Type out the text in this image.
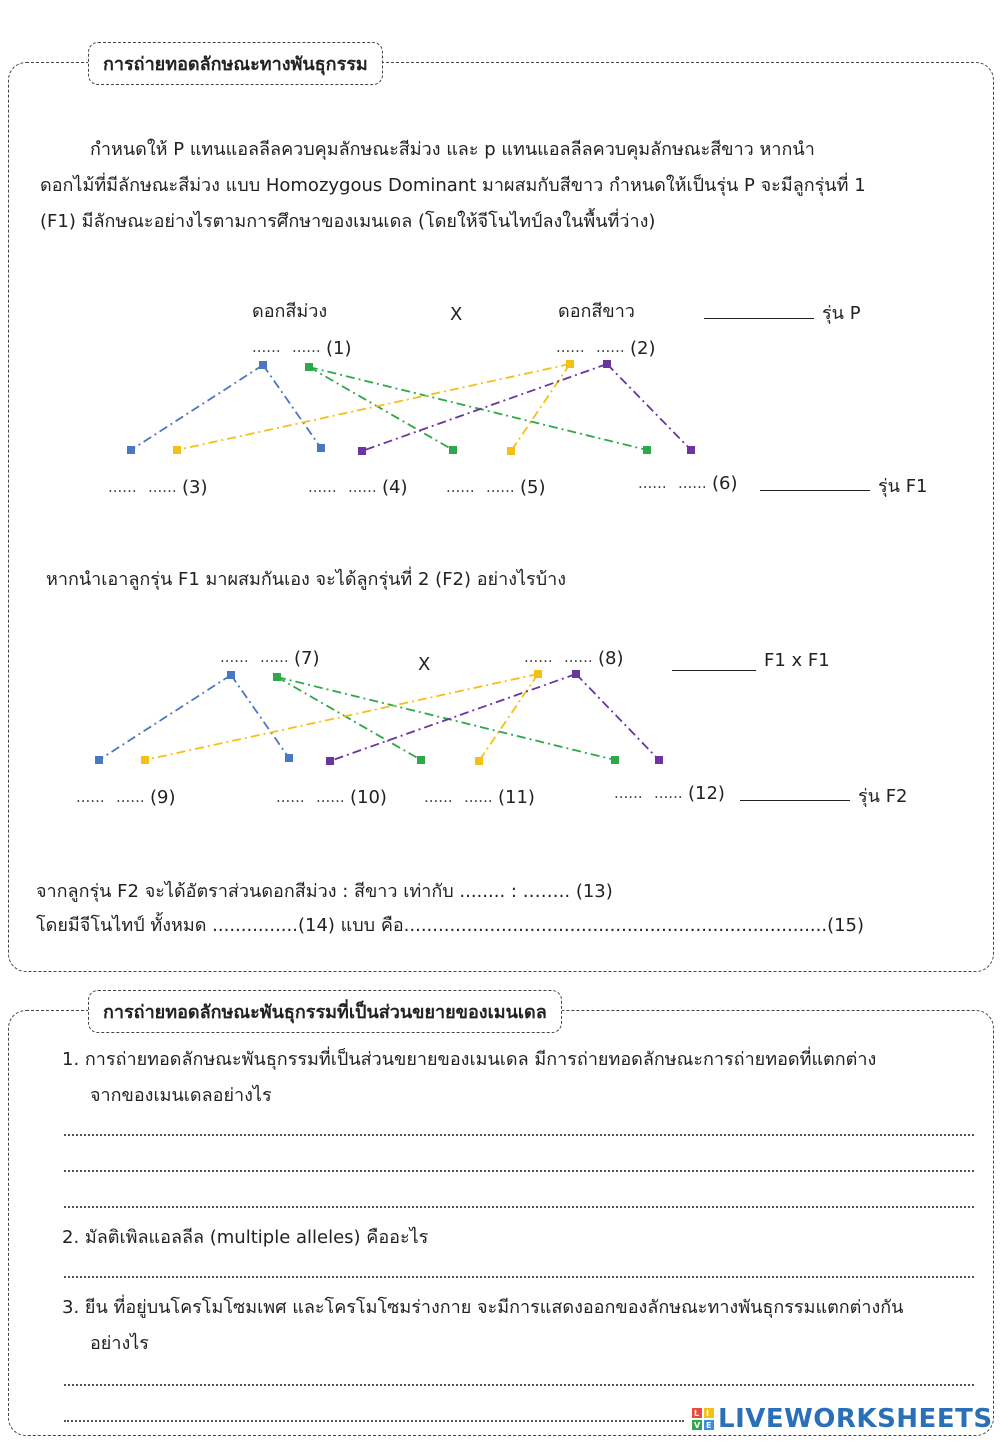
การถ่ายทอดลักษณะทางพันธุกรรม
กำหนดให้ P แทนแอลลีลควบคุมลักษณะสีม่วง และ p แทนแอลลีลควบคุมลักษณะสีขาว หากนำ
ดอกไม้ที่มีลักษณะสีม่วง แบบ Homozygous Dominant มาผสมกับสีขาว กำหนดให้เป็นรุ่น P จะมีลูกรุ่นที่ 1
(F1) มีลักษณะอย่างไรตามการศึกษาของเมนเดล (โดยให้จีโนไทป์ลงในพื้นที่ว่าง)
ดอกสีม่วง	X	ดอกสีขาว	รุ่น P
...... ...... (1)	...... ...... (2)
...... ...... (3)	...... ...... (4)	...... ...... (5)	...... ...... (6)	รุ่น F1
หากนำเอาลูกรุ่น F1 มาผสมกันเอง จะได้ลูกรุ่นที่ 2 (F2) อย่างไรบ้าง
...... ...... (7)	X	...... ...... (8)	F1 x F1
...... ...... (9)	...... ...... (10) ...... ...... (11)	...... ...... (12)	รุ่น F2
จากลูกรุ่น F2 จะได้อัตราส่วนดอกสีม่วง : สีขาว เท่ากับ ........ : …….. (13)
โดยมีจีโนไทป์ ทั้งหมด ...............(14) แบบ คือ..........................................................................(15)
การถ่ายทอดลักษณะพันธุกรรมที่เป็นส่วนขยายของเมนเดล
1. การถ่ายทอดลักษณะพันธุกรรมที่เป็นส่วนขยายของเมนเดล มีการถ่ายทอดลักษณะการถ่ายทอดที่แตกต่าง
จากของเมนเดลอย่างไร
2. มัลติเพิลแอลลีล (multiple alleles) คืออะไร
3. ยีน ที่อยู่บนโครโมโซมเพศ และโครโมโซมร่างกาย จะมีการแสดงออกของลักษณะทางพันธุกรรมแตกต่างกัน
อย่างไร
L I
V E LIVEWORKSHEETS
